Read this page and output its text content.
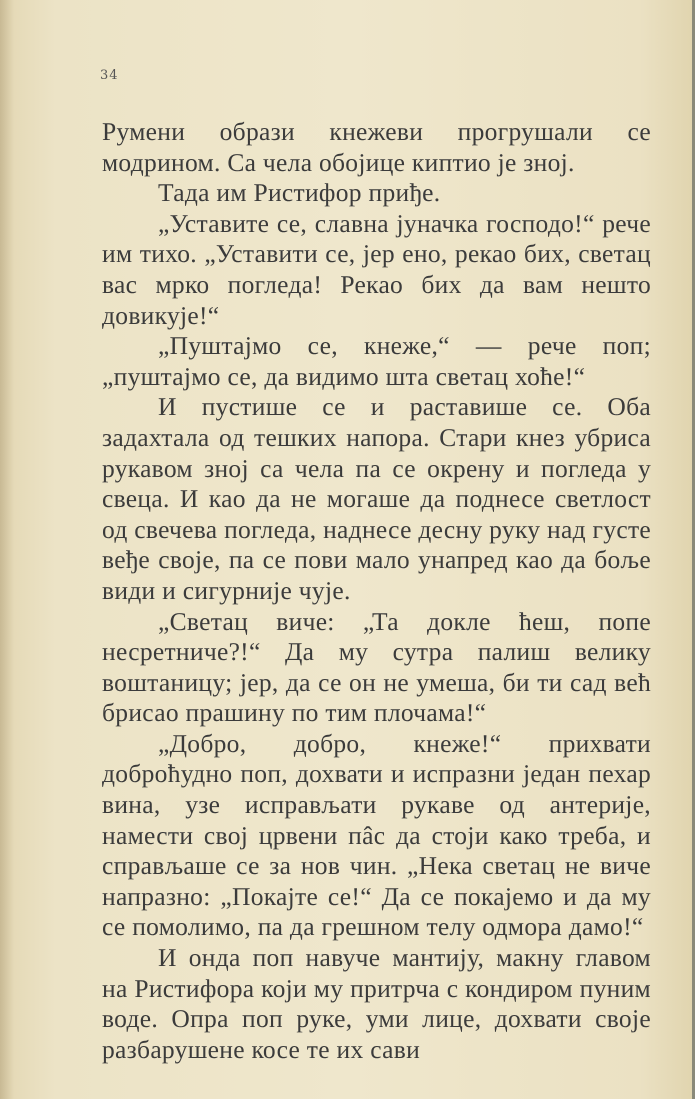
34

Румени образи кнежеви прогрушали се модрином. Са чела обојице киптио је зној.

Тада им Ристифор приђе.

„Уставите се, славна јуначка господо!“ рече им тихо. „Уставити се, јер ено, рекао бих, светац вас мрко погледа! Рекао бих да вам нешто довикује!“

„Пуштајмо се, кнеже,“ — рече поп; „пуштајмо се, да видимо шта светац хоће!“

И пустише се и раставише се. Оба задахтала од тешких напора. Стари кнез убриса рукавом зној са чела па се окрену и погледа у свеца. И као да не могаше да поднесе светлост од свечева погледа, наднесе десну руку над густе веђе своје, па се пови мало унапред као да боље види и сигурније чује.

„Светац виче: „Та докле ћеш, попе несретниче?!“ Да му сутра палиш велику воштаницу; јер, да се он не умеша, би ти сад већ брисао прашину по тим плочама!“

„Добро, добро, кнеже!“ прихвати доброћудно поп, дохвати и испразни један пехар вина, узе исправљати рукаве од антерије, намести свој црвени пâс да стоји како треба, и справљаше се за нов чин. „Нека светац не виче напразно: „Покајте се!“ Да се покајемо и да му се помолимо, па да грешном телу одмора дамо!“

И онда поп навуче мантију, макну главом на Ристифора који му притрча с кондиром пуним воде. Опра поп руке, уми лице, дохвати своје разбарушене косе те их сави
